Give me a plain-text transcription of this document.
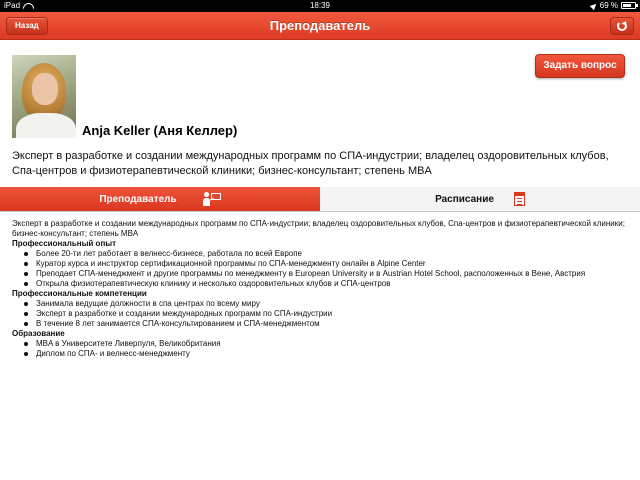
iPad	18:39	69 %
Назад	Преподаватель
Задать вопрос
Anja Keller (Аня Келлер)
Эксперт в разработке и создании международных программ по СПА-индустрии; владелец оздоровительных клубов, Спа-центров и физиотерапевтической клиники; бизнес-консультант; степень MBA
Преподаватель	Расписание

Эксперт в разработке и создании международных программ по СПА-индустрии; владелец оздоровительных клубов, Спа-центров и физиотерапевтической клиники; бизнес-консультант; степень MBA

Профессиональный опыт

Более 20-ти лет работает в велнесс-бизнесе, работала по всей Европе
Куратор курса и инструктор сертификационной программы по СПА-менеджменту онлайн в Alpine Center
Преподает СПА-менеджмент и другие программы по менеджменту в European University и в Austrian Hotel School, расположенных в Вене, Австрия
Открыла физиотерапевтическую клинику и несколько оздоровительных клубов и СПА-центров

Профессиональные компетенции

Занимала ведущие должности в спа центрах по всему миру
Эксперт в разработке и создании международных программ по СПА-индустрии
В течение 8 лет занимается СПА-консультированием и СПА-менеджментом

Образование

MBA в Университете Ливерпуля, Великобритания
Диплом по СПА- и велнесс-менеджменту
